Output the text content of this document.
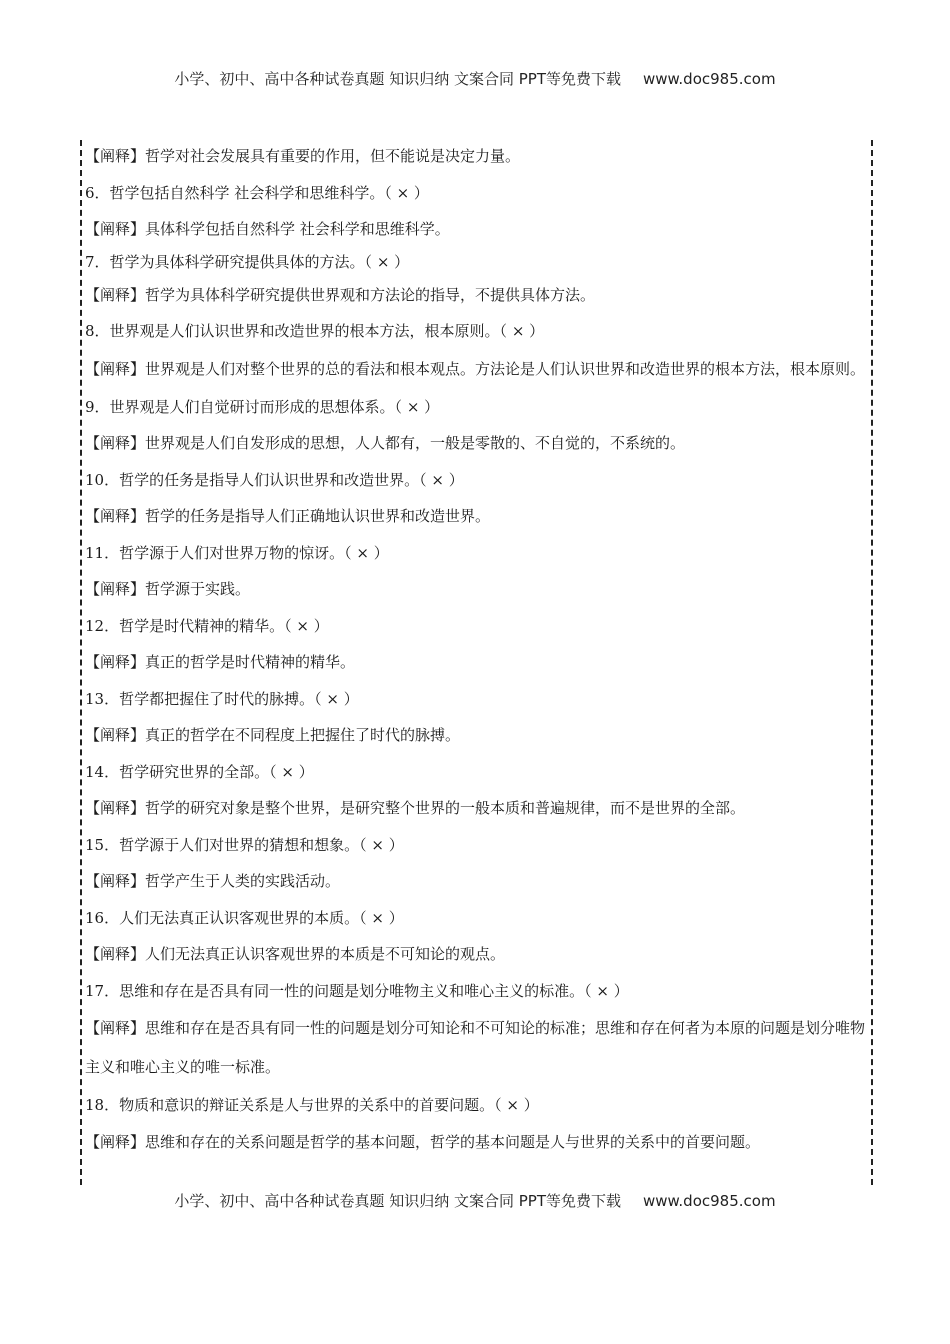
小学、初中、高中各种试卷真题 知识归纳 文案合同 PPT等免费下载 www.doc985.com
【阐释】哲学对社会发展具有重要的作用，但不能说是决定力量。
6．哲学包括自然科学 社会科学和思维科学。（ × ）
【阐释】具体科学包括自然科学 社会科学和思维科学。
7．哲学为具体科学研究提供具体的方法。（ × ）
【阐释】哲学为具体科学研究提供世界观和方法论的指导，不提供具体方法。
8．世界观是人们认识世界和改造世界的根本方法，根本原则。（ × ）
【阐释】世界观是人们对整个世界的总的看法和根本观点。方法论是人们认识世界和改造世界的根本方法，根本原则。
9．世界观是人们自觉研讨而形成的思想体系。（ × ）
【阐释】世界观是人们自发形成的思想，人人都有，一般是零散的、不自觉的，不系统的。
10．哲学的任务是指导人们认识世界和改造世界。（ × ）
【阐释】哲学的任务是指导人们正确地认识世界和改造世界。
11．哲学源于人们对世界万物的惊讶。（ × ）
【阐释】哲学源于实践。
12．哲学是时代精神的精华。（ × ）
【阐释】真正的哲学是时代精神的精华。
13．哲学都把握住了时代的脉搏。（ × ）
【阐释】真正的哲学在不同程度上把握住了时代的脉搏。
14．哲学研究世界的全部。（ × ）
【阐释】哲学的研究对象是整个世界，是研究整个世界的一般本质和普遍规律，而不是世界的全部。
15．哲学源于人们对世界的猜想和想象。（ × ）
【阐释】哲学产生于人类的实践活动。
16．人们无法真正认识客观世界的本质。（ × ）
【阐释】人们无法真正认识客观世界的本质是不可知论的观点。
17．思维和存在是否具有同一性的问题是划分唯物主义和唯心主义的标准。（ × ）
【阐释】思维和存在是否具有同一性的问题是划分可知论和不可知论的标准；思维和存在何者为本原的问题是划分唯物主义和唯心主义的唯一标准。
18．物质和意识的辩证关系是人与世界的关系中的首要问题。（ × ）
【阐释】思维和存在的关系问题是哲学的基本问题，哲学的基本问题是人与世界的关系中的首要问题。
小学、初中、高中各种试卷真题 知识归纳 文案合同 PPT等免费下载 www.doc985.com
